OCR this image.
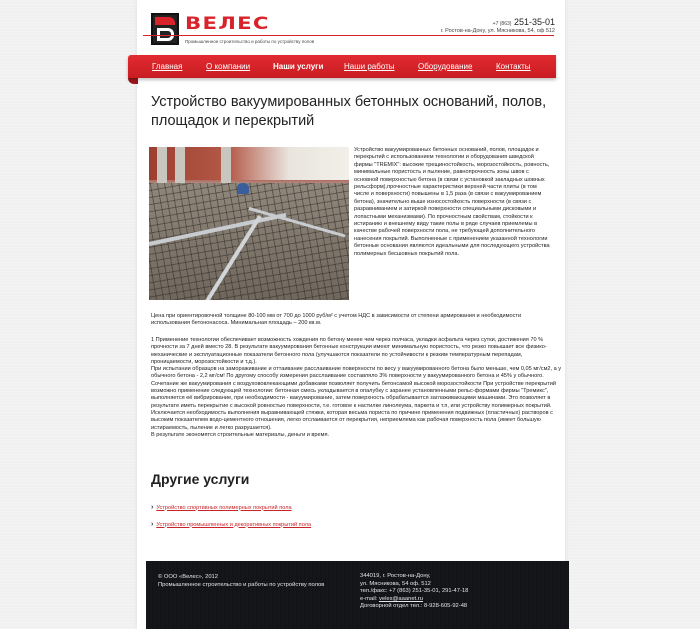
ВЕЛЕС
Промышленное строительство и работы по устройству полов
+7 (863) 251-35-01
г. Ростов-на-Дону, ул. Мясникова, 54, оф 512
Главная	О компании	Наши услуги	Наши работы	Оборудование	Контакты
Устройство вакуумированных бетонных оснований, полов, площадок и перекрытий
Устройство вакуумированных бетонных оснований, полов, площадок и перекрытий с использованием технологии и оборудования шведской фирмы "TREMIX": высокие трещиностойкость, морозостойкость, ровность, минимальные пористость и пыление, равнопрочность зоны швов с основной поверхностью бетона (в связи с установкой закладных шовных рельсформ),прочностные характеристики верхней части плиты (в том числе и поверхности) повышены в 1,5 раза (в связи с вакуумированием бетона), значительно выше износостойкость поверхности (в связи с разравниванием и затиркой поверхности специальными дисковыми и лопастными механизмами). По прочностным свойствам, стойкости к истиранию и внешнему виду такие полы в ряде случаев приемлемы в качестве рабочей поверхности пола, не требующей дополнительного нанесения покрытий. Выполненные с применением указанной технологии бетонные основания являются идеальными для последующего устройства полимерных бесшовных покрытий пола.
Цена при ориентировочной толщине 80-100 мм от 700 до 1000 руб/м² с учетом НДС в зависимости от степени армирования и необходимости использования бетононасоса. Минимальная площадь – 200 кв.м.

1 Применение технологии обеспечивает возможность хождения по бетону менее чем через полчаса, укладки асфальта через сутки, достижения 70 % прочности за 7 дней вместо 28. В результате вакуумирования бетонные конструкции имеют минимальную пористость, что резко повышает все физико-механические и эксплуатационные показатели бетонного пола (улучшаются показатели по устойчивости к резким температурным перепадам, проницаемости, морозостойкости и т.д.).

При испытании образцов на замораживание и оттаивание расслаивание поверхности по весу у вакуумированного бетона было меньше, чем 0,05 мг/см2, а у обычного бетона - 2,2 мг/см! По другому способу измерения расслаивание составляло 3% поверхности у вакуумированного бетона и 45% у обычного. Сочетание же вакуумирования с воздухововлекающими добавками позволяет получить бетонсамой высокой морозостойкости При устройстве перекрытий возможно применение следующей технологии: бетонная смесь укладывается в опалубку с заранее установленными рельс-формами фирмы "Тремикс", выполняется её вибрирование, при необходимости - вакуумирование, затем поверхность обрабатывается заглаживающими машинами. Это позволяет в результате иметь перекрытие с высокой ровностью поверхности, т.е. готовое к настилке линолеума, паркета и т.п, или устройству полимерных покрытий. Исключается необходимость выполнения выравнивающей стяжки, которая весьма пориста по причине применения подвижных (пластичных) растворов с высоким показателем водо-цементного отношения, легко отслаивается от перекрытия, неприемлема как рабочая поверхность пола (имеет большую истираемость, пыление и легко разрушается).

В результате экономятся строительные материалы, деньги и время.

Другие услуги
› Устройство спортивных полимерных покрытий пола
› Устройство промышленных и декоративных покрытий пола
© ООО «Велес», 2012
Промышленное строительство и работы по устройству полов
344019, г. Ростов-на-Дону,
ул. Мясникова, 54 оф. 512
тел./факс: +7 (863) 251-35-01, 291-47-18
e-mail: veles@aaanet.ru
Договорной отдел тел.: 8-928-605-92-48
